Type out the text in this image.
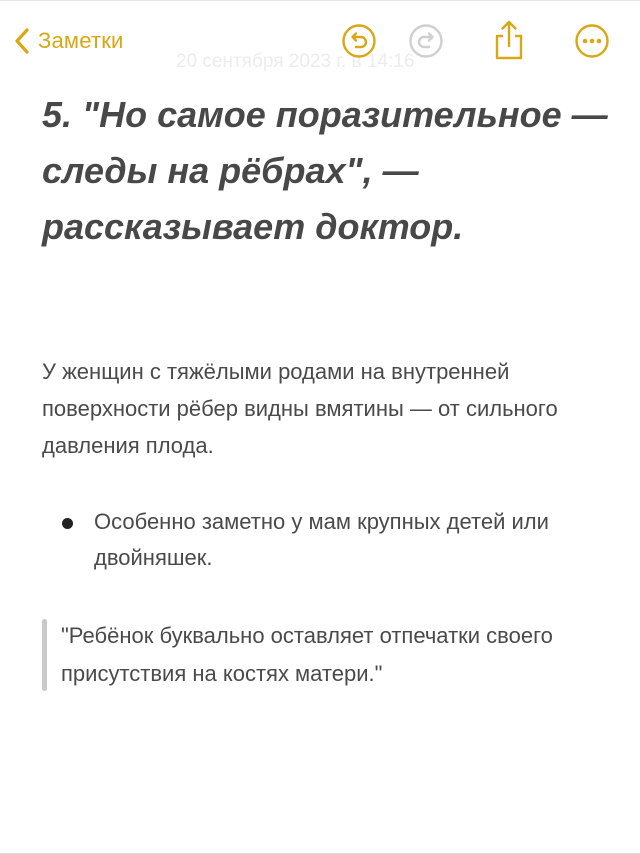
20 сентября 2023 г. в 14:16
Заметки
5. "Но самое поразительное — следы на рёбрах", — рассказывает доктор.

У женщин с тяжёлыми родами на внутренней поверхности рёбер видны вмятины — от сильного давления плода.

Особенно заметно у мам крупных детей или двойняшек.
"Ребёнок буквально оставляет отпечатки своего присутствия на костях матери."
